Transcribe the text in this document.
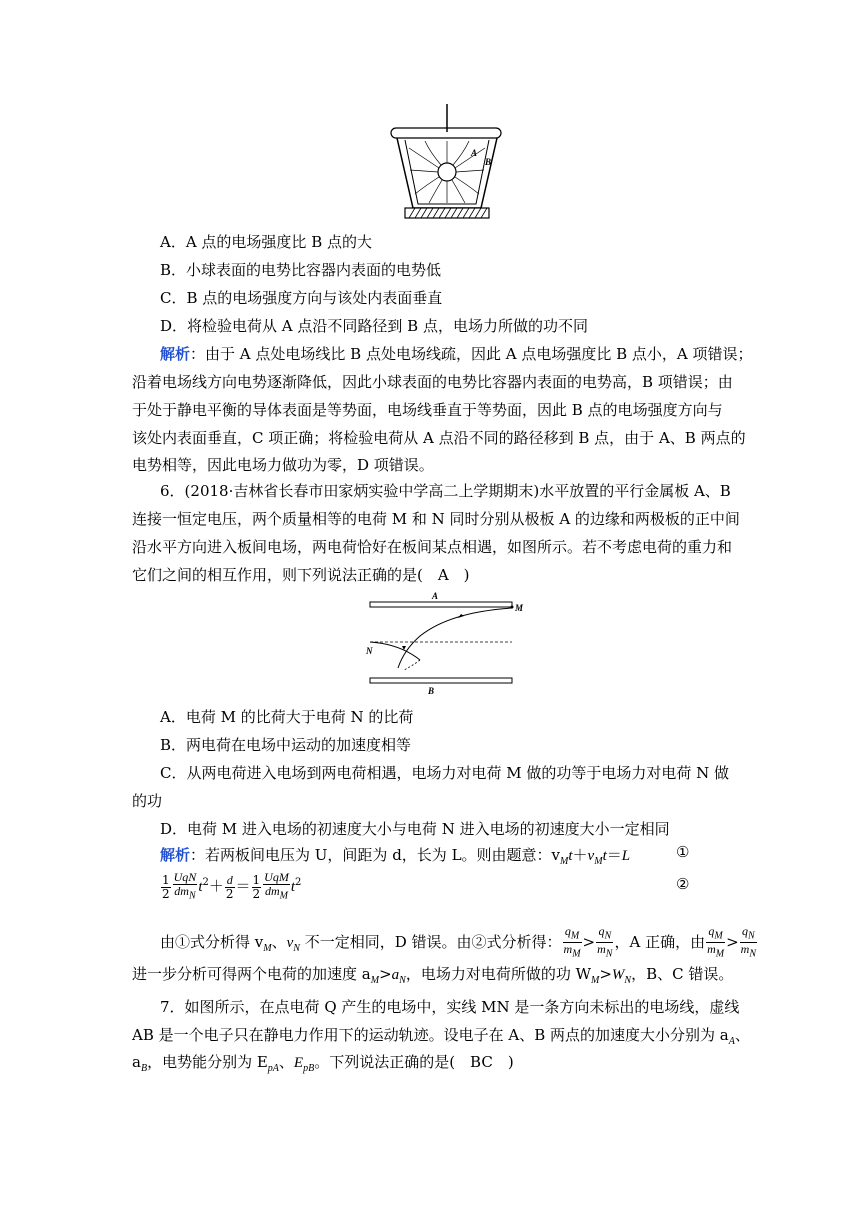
A
B
A．A 点的电场强度比 B 点的大
B．小球表面的电势比容器内表面的电势低
C．B 点的电场强度方向与该处内表面垂直
D．将检验电荷从 A 点沿不同路径到 B 点，电场力所做的功不同
解析：由于 A 点处电场线比 B 点处电场线疏，因此 A 点电场强度比 B 点小，A 项错误；
沿着电场线方向电势逐渐降低，因此小球表面的电势比容器内表面的电势高，B 项错误；由
于处于静电平衡的导体表面是等势面，电场线垂直于等势面，因此 B 点的电场强度方向与
该处内表面垂直，C 项正确；将检验电荷从 A 点沿不同的路径移到 B 点，由于 A、B 两点的
电势相等，因此电场力做功为零，D 项错误。
6．(2018·吉林省长春市田家炳实验中学高二上学期期末)水平放置的平行金属板 A、B
连接一恒定电压，两个质量相等的电荷 M 和 N 同时分别从极板 A 的边缘和两极板的正中间
沿水平方向进入板间电场，两电荷恰好在板间某点相遇，如图所示。若不考虑电荷的重力和
它们之间的相互作用，则下列说法正确的是(　A　)
A
B
M
N
A．电荷 M 的比荷大于电荷 N 的比荷
B．两电荷在电场中运动的加速度相等
C．从两电荷进入电场到两电荷相遇，电场力对电荷 M 做的功等于电场力对电荷 N 做
的功
D．电荷 M 进入电场的初速度大小与电荷 N 进入电场的初速度大小一定相同
解析：若两板间电压为 U，间距为 d，长为 L。则由题意：$v_Mt+v_Mt=L$	①
$\frac{1}{2} \frac{\text{UqN}}{dm_N} t^2+ \frac{d}{2} = \frac{1}{2} \frac{\text{UqM}}{dm_M} t^2$	②
由①式分析得 $v_M$、$v_N$ 不一定相同，D 错误。由②式分析得： $\frac{q_M}{m_M} > \frac{q_N}{m_N}$ ，A 正确，由 $\frac{q_M}{m_M} > \frac{q_N}{m_N}$
进一步分析可得两个电荷的加速度 $a_M>a_N$，电场力对电荷所做的功 $W_M>W_N$，B、C 错误。
7．如图所示，在点电荷 Q 产生的电场中，实线 MN 是一条方向未标出的电场线，虚线
AB 是一个电子只在静电力作用下的运动轨迹。设电子在 A、B 两点的加速度大小分别为 $a_A$、
$a_B$，电势能分别为 $E_{pA}$、$E_{pB}$。下列说法正确的是(　BC　)
